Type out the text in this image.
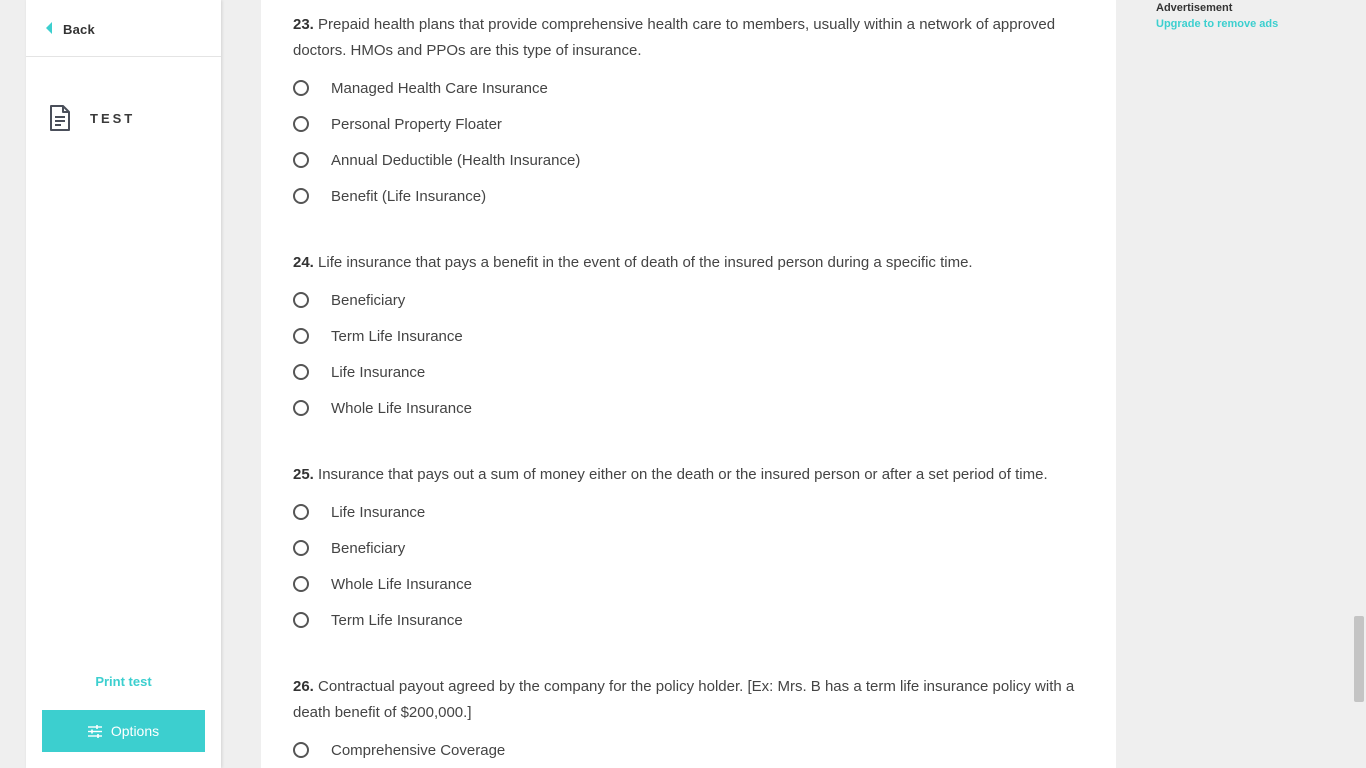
Back
TEST
Print test
Options

23. Prepaid health plans that provide comprehensive health care to members, usually within a network of approved doctors. HMOs and PPOs are this type of insurance.

Managed Health Care Insurance
Personal Property Floater
Annual Deductible (Health Insurance)
Benefit (Life Insurance)

24. Life insurance that pays a benefit in the event of death of the insured person during a specific time.

Beneficiary
Term Life Insurance
Life Insurance
Whole Life Insurance

25. Insurance that pays out a sum of money either on the death or the insured person or after a set period of time.

Life Insurance
Beneficiary
Whole Life Insurance
Term Life Insurance

26. Contractual payout agreed by the company for the policy holder. [Ex: Mrs. B has a term life insurance policy with a death benefit of $200,000.]

Comprehensive Coverage
Advertisement
Upgrade to remove ads
